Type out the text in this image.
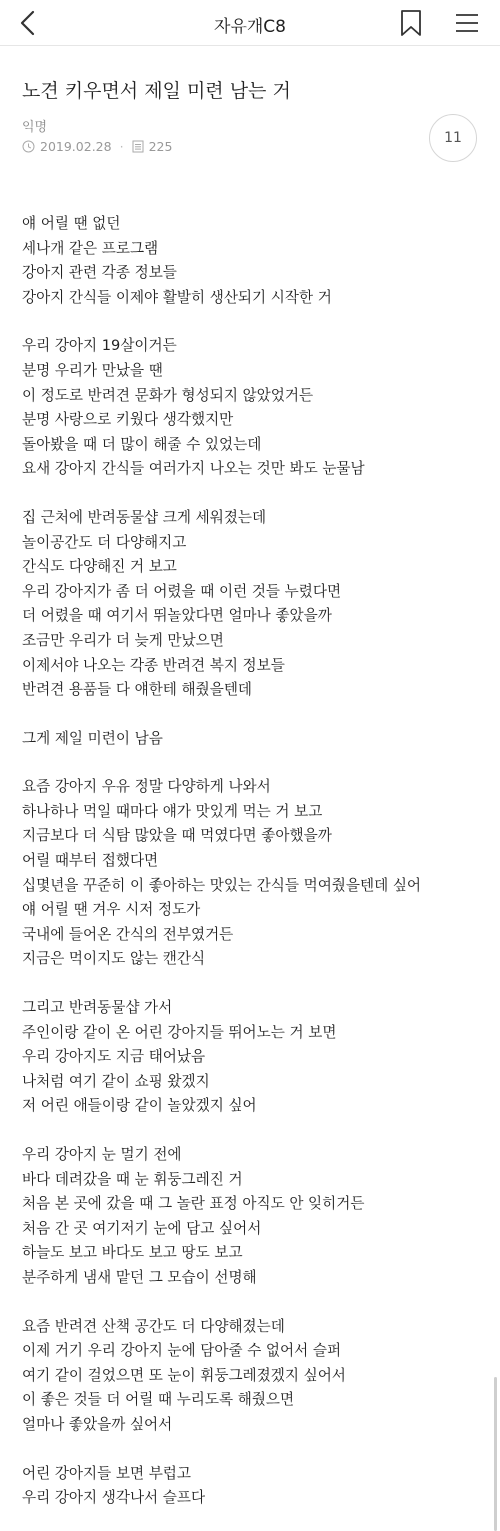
자유개C8
노견 키우면서 제일 미련 남는 거
익명
2019.02.28 · 225	11
얘 어릴 땐 없던
세나개 같은 프로그램
강아지 관련 각종 정보들
강아지 간식들 이제야 활발히 생산되기 시작한 거
우리 강아지 19살이거든
분명 우리가 만났을 땐
이 정도로 반려견 문화가 형성되지 않았었거든
분명 사랑으로 키웠다 생각했지만
돌아봤을 때 더 많이 해줄 수 있었는데
요새 강아지 간식들 여러가지 나오는 것만 봐도 눈물남
집 근처에 반려동물샵 크게 세워졌는데
놀이공간도 더 다양해지고
간식도 다양해진 거 보고
우리 강아지가 좀 더 어렸을 때 이런 것들 누렸다면
더 어렸을 때 여기서 뛰놀았다면 얼마나 좋았을까
조금만 우리가 더 늦게 만났으면
이제서야 나오는 각종 반려견 복지 정보들
반려견 용품들 다 얘한테 해줬을텐데
그게 제일 미련이 남음
요즘 강아지 우유 정말 다양하게 나와서
하나하나 먹일 때마다 얘가 맛있게 먹는 거 보고
지금보다 더 식탐 많았을 때 먹였다면 좋아했을까
어릴 때부터 접했다면
십몇년을 꾸준히 이 좋아하는 맛있는 간식들 먹여줬을텐데 싶어
얘 어릴 땐 겨우 시저 정도가
국내에 들어온 간식의 전부였거든
지금은 먹이지도 않는 캔간식
그리고 반려동물샵 가서
주인이랑 같이 온 어린 강아지들 뛰어노는 거 보면
우리 강아지도 지금 태어났음
나처럼 여기 같이 쇼핑 왔겠지
저 어린 애들이랑 같이 놀았겠지 싶어
우리 강아지 눈 멀기 전에
바다 데려갔을 때 눈 휘둥그레진 거
처음 본 곳에 갔을 때 그 놀란 표정 아직도 안 잊히거든
처음 간 곳 여기저기 눈에 담고 싶어서
하늘도 보고 바다도 보고 땅도 보고
분주하게 냄새 맡던 그 모습이 선명해
요즘 반려견 산책 공간도 더 다양해졌는데
이제 거기 우리 강아지 눈에 담아줄 수 없어서 슬퍼
여기 같이 걸었으면 또 눈이 휘둥그레졌겠지 싶어서
이 좋은 것들 더 어릴 때 누리도록 해줬으면
얼마나 좋았을까 싶어서
어린 강아지들 보면 부럽고
우리 강아지 생각나서 슬프다
